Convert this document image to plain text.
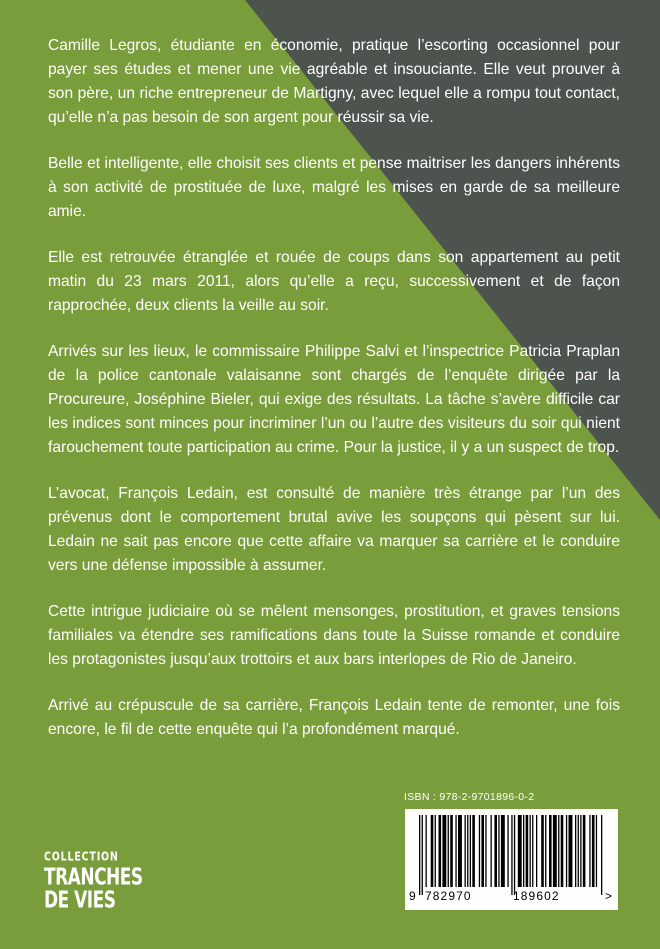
Camille Legros, étudiante en économie, pratique l’escorting occasionnel pour payer ses études et mener une vie agréable et insouciante. Elle veut prouver à son père, un riche entrepreneur de Martigny, avec lequel elle a rompu tout contact, qu’elle n’a pas besoin de son argent pour réussir sa vie.

Belle et intelligente, elle choisit ses clients et pense maitriser les dangers inhérents à son activité de prostituée de luxe, malgré les mises en garde de sa meilleure amie.

Elle est retrouvée étranglée et rouée de coups dans son appartement au petit matin du 23 mars 2011, alors qu’elle a reçu, successivement et de façon rapprochée, deux clients la veille au soir.

Arrivés sur les lieux, le commissaire Philippe Salvi et l’inspectrice Patricia Praplan de la police cantonale valaisanne sont chargés de l’enquête dirigée par la Procureure, Joséphine Bieler, qui exige des résultats. La tâche s’avère difficile car les indices sont minces pour incriminer l’un ou l’autre des visiteurs du soir qui nient farouchement toute participation au crime. Pour la justice, il y a un suspect de trop.

L’avocat, François Ledain, est consulté de manière très étrange par l’un des prévenus dont le comportement brutal avive les soupçons qui pèsent sur lui. Ledain ne sait pas encore que cette affaire va marquer sa carrière et le conduire vers une défense impossible à assumer.

Cette intrigue judiciaire où se mêlent mensonges, prostitution, et graves tensions familiales va étendre ses ramifications dans toute la Suisse romande et conduire les protagonistes jusqu’aux trottoirs et aux bars interlopes de Rio de Janeiro.

Arrivé au crépuscule de sa carrière, François Ledain tente de remonter, une fois encore, le fil de cette enquête qui l’a profondément marqué.

COLLECTION
TRANCHES
DE VIES
ISBN : 978-2-9701896-0-2
9 782970	189602	>
